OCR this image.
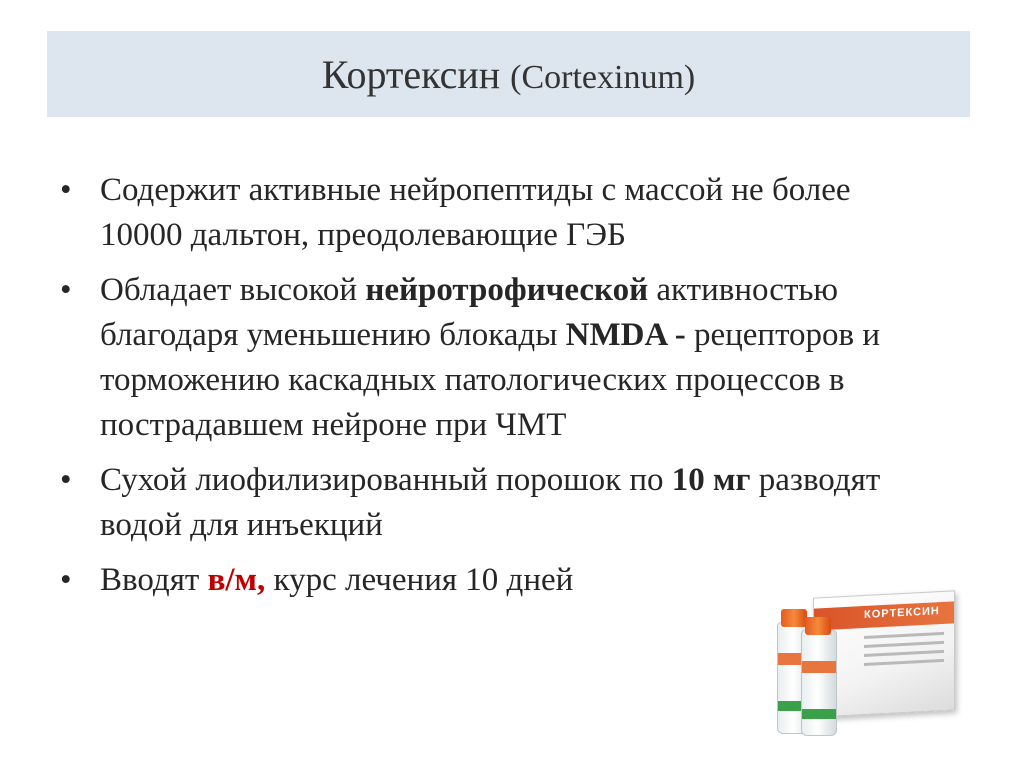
Кортексин (Cortexinum)
• Содержит активные нейропептиды с массой не более 10000 дальтон, преодолевающие ГЭБ
• Обладает высокой нейротрофической активностью благодаря уменьшению блокады NMDA - рецепторов и торможению каскадных патологических процессов в пострадавшем нейроне при ЧМТ
• Сухой лиофилизированный порошок по 10 мг разводят водой для инъекций
• Вводят в/м, курс лечения 10 дней
КОРТЕКСИН
